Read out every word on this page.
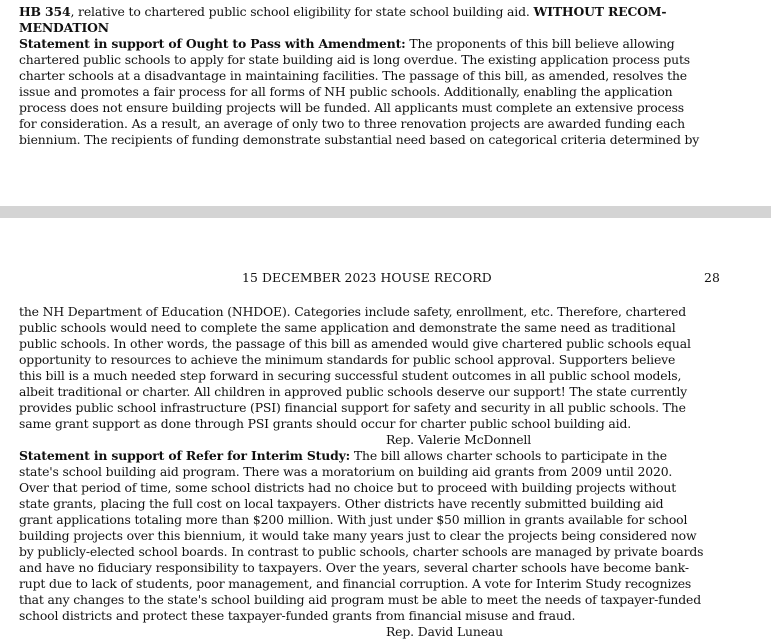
HB 354, relative to chartered public school eligibility for state school building aid. WITHOUT RECOM-
MENDATION
Statement in support of Ought to Pass with Amendment: The proponents of this bill believe allowing
chartered public schools to apply for state building aid is long overdue. The existing application process puts
charter schools at a disadvantage in maintaining facilities. The passage of this bill, as amended, resolves the
issue and promotes a fair process for all forms of NH public schools. Additionally, enabling the application
process does not ensure building projects will be funded. All applicants must complete an extensive process
for consideration. As a result, an average of only two to three renovation projects are awarded funding each
biennium. The recipients of funding demonstrate substantial need based on categorical criteria determined by
15 DECEMBER 2023 HOUSE RECORD	28
the NH Department of Education (NHDOE). Categories include safety, enrollment, etc. Therefore, chartered
public schools would need to complete the same application and demonstrate the same need as traditional
public schools. In other words, the passage of this bill as amended would give chartered public schools equal
opportunity to resources to achieve the minimum standards for public school approval. Supporters believe
this bill is a much needed step forward in securing successful student outcomes in all public school models,
albeit traditional or charter. All children in approved public schools deserve our support! The state currently
provides public school infrastructure (PSI) financial support for safety and security in all public schools. The
same grant support as done through PSI grants should occur for charter public school building aid.
Rep. Valerie McDonnell
Statement in support of Refer for Interim Study: The bill allows charter schools to participate in the
state's school building aid program. There was a moratorium on building aid grants from 2009 until 2020.
Over that period of time, some school districts had no choice but to proceed with building projects without
state grants, placing the full cost on local taxpayers. Other districts have recently submitted building aid
grant applications totaling more than $200 million. With just under $50 million in grants available for school
building projects over this biennium, it would take many years just to clear the projects being considered now
by publicly-elected school boards. In contrast to public schools, charter schools are managed by private boards
and have no fiduciary responsibility to taxpayers. Over the years, several charter schools have become bank-
rupt due to lack of students, poor management, and financial corruption. A vote for Interim Study recognizes
that any changes to the state's school building aid program must be able to meet the needs of taxpayer-funded
school districts and protect these taxpayer-funded grants from financial misuse and fraud.
Rep. David Luneau
